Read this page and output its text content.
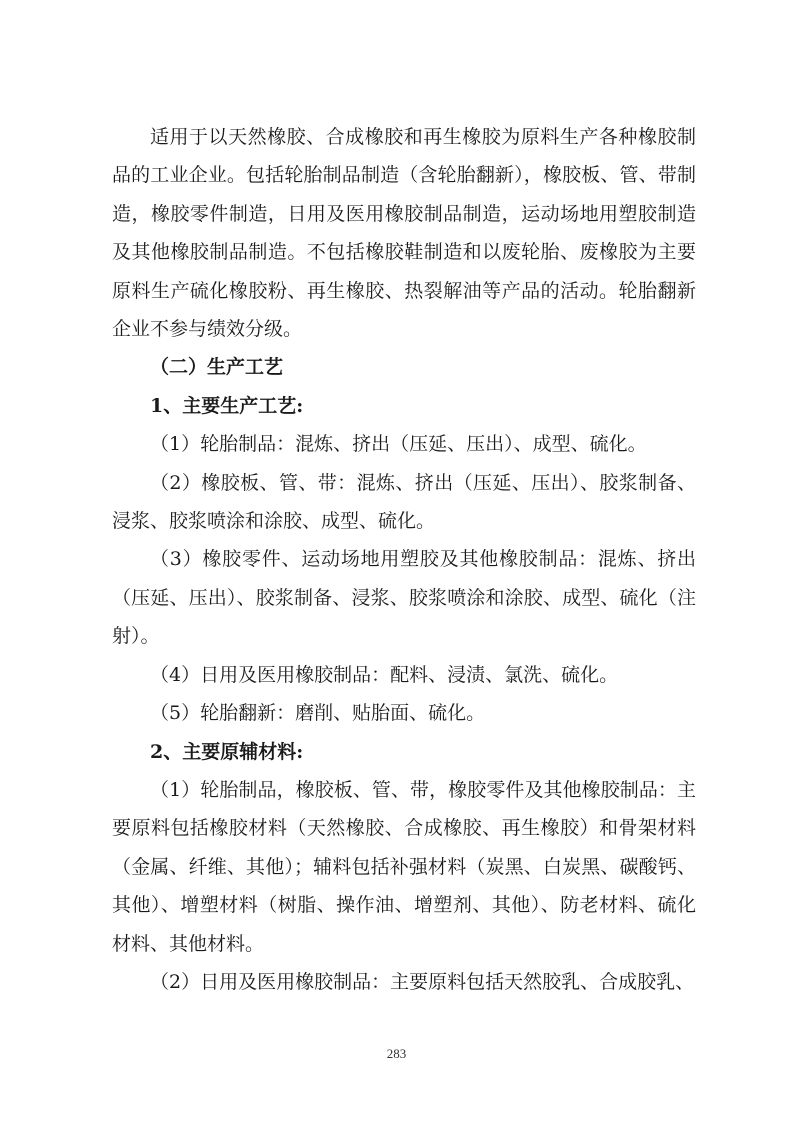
适用于以天然橡胶、合成橡胶和再生橡胶为原料生产各种橡胶制品的工业企业。包括轮胎制品制造（含轮胎翻新），橡胶板、管、带制造，橡胶零件制造，日用及医用橡胶制品制造，运动场地用塑胶制造及其他橡胶制品制造。不包括橡胶鞋制造和以废轮胎、废橡胶为主要原料生产硫化橡胶粉、再生橡胶、热裂解油等产品的活动。轮胎翻新企业不参与绩效分级。

（二）生产工艺

1、主要生产工艺:

（1）轮胎制品：混炼、挤出（压延、压出）、成型、硫化。

（2）橡胶板、管、带：混炼、挤出（压延、压出）、胶浆制备、浸浆、胶浆喷涂和涂胶、成型、硫化。

（3）橡胶零件、运动场地用塑胶及其他橡胶制品：混炼、挤出（压延、压出）、胶浆制备、浸浆、胶浆喷涂和涂胶、成型、硫化（注射）。

（4）日用及医用橡胶制品：配料、浸渍、氯洗、硫化。

（5）轮胎翻新：磨削、贴胎面、硫化。

2、主要原辅材料:

（1）轮胎制品，橡胶板、管、带，橡胶零件及其他橡胶制品：主要原料包括橡胶材料（天然橡胶、合成橡胶、再生橡胶）和骨架材料（金属、纤维、其他）；辅料包括补强材料（炭黑、白炭黑、碳酸钙、其他）、增塑材料（树脂、操作油、增塑剂、其他）、防老材料、硫化材料、其他材料。

（2）日用及医用橡胶制品：主要原料包括天然胶乳、合成胶乳、

283
